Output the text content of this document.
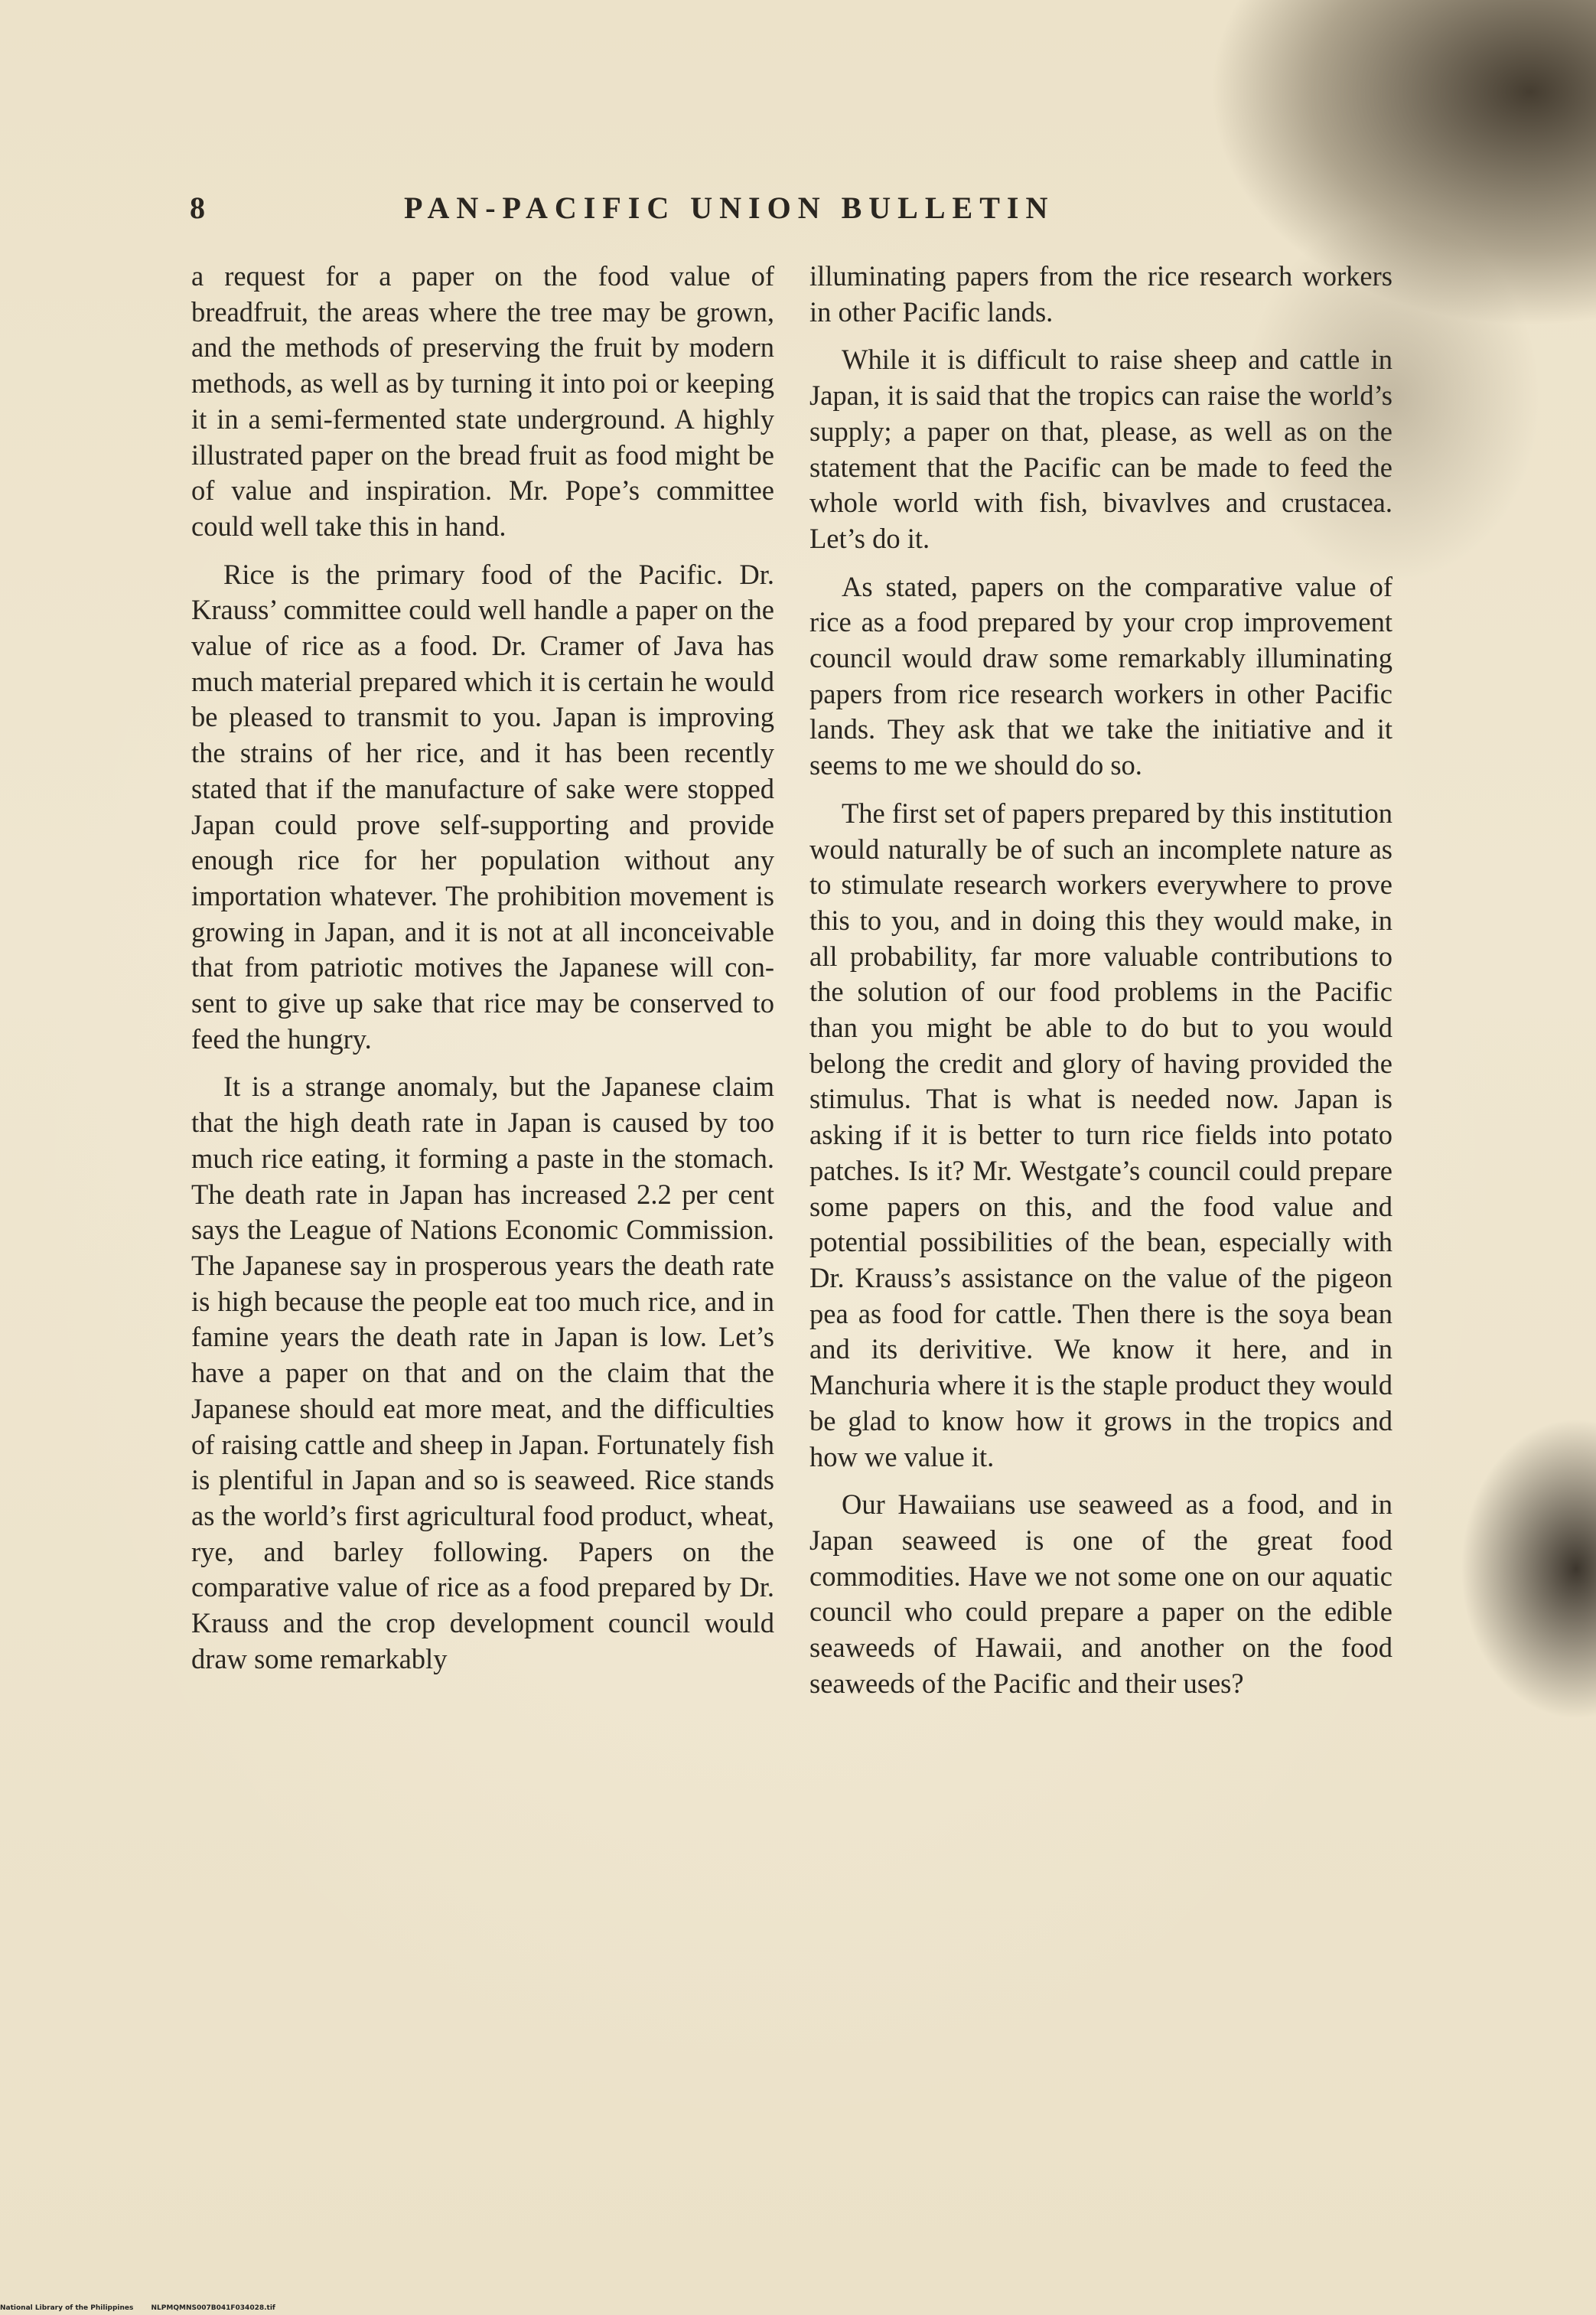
8	PAN-PACIFIC UNION BULLETIN

a request for a paper on the food value of breadfruit, the areas where the tree may be grown, and the methods of preserving the fruit by modern methods, as well as by turning it into poi or keeping it in a semi-fermented state underground. A highly illustrated paper on the bread fruit as food might be of value and inspiration. Mr. Pope’s committee could well take this in hand.

Rice is the primary food of the Pacific. Dr. Krauss’ committee could well handle a paper on the value of rice as a food. Dr. Cramer of Java has much material prepared which it is certain he would be pleased to transmit to you. Japan is improving the strains of her rice, and it has been recently stated that if the manufacture of sake were stopped Japan could prove self-supporting and provide enough rice for her population without any importation whatever. The prohibition movement is growing in Japan, and it is not at all inconceivable that from patriotic motives the Japanese will consent to give up sake that rice may be conserved to feed the hungry.

It is a strange anomaly, but the Japanese claim that the high death rate in Japan is caused by too much rice eating, it forming a paste in the stomach. The death rate in Japan has increased 2.2 per cent says the League of Nations Economic Commission. The Japanese say in prosperous years the death rate is high because the people eat too much rice, and in famine years the death rate in Japan is low. Let’s have a paper on that and on the claim that the Japanese should eat more meat, and the difficulties of raising cattle and sheep in Japan. Fortunately fish is plentiful in Japan and so is seaweed. Rice stands as the world’s first agricultural food product, wheat, rye, and barley following. Papers on the comparative value of rice as a food prepared by Dr. Krauss and the crop development council would draw some remarkably

illuminating papers from the rice research workers in other Pacific lands.

While it is difficult to raise sheep and cattle in Japan, it is said that the tropics can raise the world’s supply; a paper on that, please, as well as on the statement that the Pacific can be made to feed the whole world with fish, bivavlves and crustacea. Let’s do it.

As stated, papers on the comparative value of rice as a food prepared by your crop improvement council would draw some remarkably illuminating papers from rice research workers in other Pacific lands. They ask that we take the initiative and it seems to me we should do so.

The first set of papers prepared by this institution would naturally be of such an incomplete nature as to stimulate research workers everywhere to prove this to you, and in doing this they would make, in all probability, far more valuable contributions to the solution of our food problems in the Pacific than you might be able to do but to you would belong the credit and glory of having provided the stimulus. That is what is needed now. Japan is asking if it is better to turn rice fields into potato patches. Is it? Mr. Westgate’s council could prepare some papers on this, and the food value and potential possibilities of the bean, especially with Dr. Krauss’s assistance on the value of the pigeon pea as food for cattle. Then there is the soya bean and its derivitive. We know it here, and in Manchuria where it is the staple product they would be glad to know how it grows in the tropics and how we value it.

Our Hawaiians use seaweed as a food, and in Japan seaweed is one of the great food commodities. Have we not some one on our aquatic council who could prepare a paper on the edible seaweeds of Hawaii, and another on the food seaweeds of the Pacific and their uses?

National Library of the Philippines	NLPMQMNS007B041F034028.tif
